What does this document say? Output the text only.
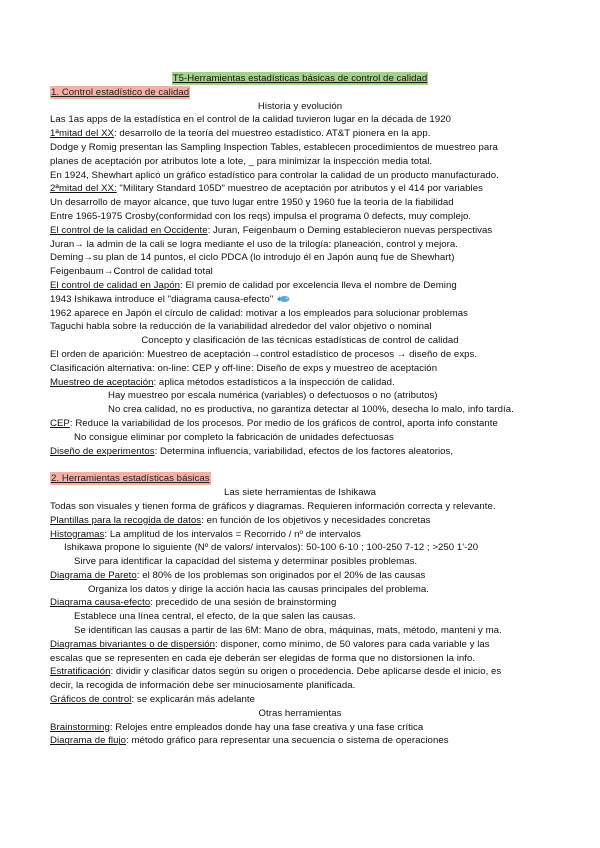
T5-Herramientas estadísticas básicas de control de calidad
1. Control estadístico de calidad
Historia y evolución
Las 1as apps de la estadística en el control de la calidad tuvieron lugar en la década de 1920
1ªmitad del XX: desarrollo de la teoría del muestreo estadístico. AT&T pionera en la app.
Dodge y Romig presentan las Sampling Inspection Tables, establecen procedimientos de muestreo para
planes de aceptación por atributos lote a lote, _ para minimizar la inspección media total.
En 1924, Shewhart aplicó un gráfico estadístico para controlar la calidad de un producto manufacturado.
2ªmitad del XX: "Military Standard 105D" muestreo de aceptación por atributos y el 414 por variables
Un desarrollo de mayor alcance, que tuvo lugar entre 1950 y 1960 fue la teoría de la fiabilidad
Entre 1965-1975 Crosby(conformidad con los reqs) impulsa el programa 0 defects, muy complejo.
El control de la calidad en Occidente: Juran, Feigenbaum o Deming establecieron nuevas perspectivas
Juran→ la admin de la cali se logra mediante el uso de la trilogía: planeación, control y mejora.
Deming→su plan de 14 puntos, el ciclo PDCA (lo introdujo él en Japón aunq fue de Shewhart)
Feigenbaum→Control de calidad total
El control de calidad en Japón: El premio de calidad por excelencia lleva el nombre de Deming
1943 Ishikawa introduce el "diagrama causa-efecto"
1962 aparece en Japón el círculo de calidad: motivar a los empleados para solucionar problemas
Taguchi habla sobre la reducción de la variabilidad alrededor del valor objetivo o nominal
Concepto y clasificación de las técnicas estadísticas de control de calidad
El orden de aparición: Muestreo de aceptación→control estadístico de procesos → diseño de exps.
Clasificación alternativa: on-line: CEP y off-line: Diseño de exps y muestreo de aceptación
Muestreo de aceptación: aplica métodos estadísticos a la inspección de calidad.
Hay muestreo por escala numérica (variables) o defectuosos o no (atributos)
No crea calidad, no es productiva, no garantiza detectar al 100%, desecha lo malo, info tardía.
CEP: Reduce la variabilidad de los procesos. Por medio de los gráficos de control, aporta info constante
No consigue eliminar por completo la fabricación de unidades defectuosas
Diseño de experimentos: Determina influencia, variabilidad, efectos de los factores aleatorios,
2. Herramientas estadísticas básicas
Las siete herramientas de Ishikawa
Todas son visuales y tienen forma de gráficos y diagramas. Requieren información correcta y relevante.
Plantillas para la recogida de datos: en función de los objetivos y necesidades concretas
Histogramas: La amplitud de los intervalos = Recorrido / nº de intervalos
Ishikawa propone lo siguiente (Nº de valors/ intervalos): 50-100 6-10 ; 100-250 7-12 ; >250 1'-20
Sirve para identificar la capacidad del sistema y determinar posibles problemas.
Diagrama de Pareto: el 80% de los problemas son originados por el 20% de las causas
Organiza los datos y dirige la acción hacia las causas principales del problema.
Diagrama causa-efecto: precedido de una sesión de brainstorming
Establece una línea central, el efecto, de la que salen las causas.
Se identifican las causas a partir de las 6M: Mano de obra, máquinas, mats, método, manteni y ma.
Diagramas bivariantes o de dispersión: disponer, como mínimo, de 50 valores para cada variable y las
escalas que se representen en cada eje deberán ser elegidas de forma que no distorsionen la info.
Estratificación: dividir y clasificar datos según su origen o procedencia. Debe aplicarse desde el inicio, es
decir, la recogida de información debe ser minuciosamente planificada.
Gráficos de control: se explicarán más adelante
Otras herramientas
Brainstorming: Relojes entre empleados donde hay una fase creativa y una fase crítica
Diagrama de flujo: método gráfico para representar una secuencia o sistema de operaciones
